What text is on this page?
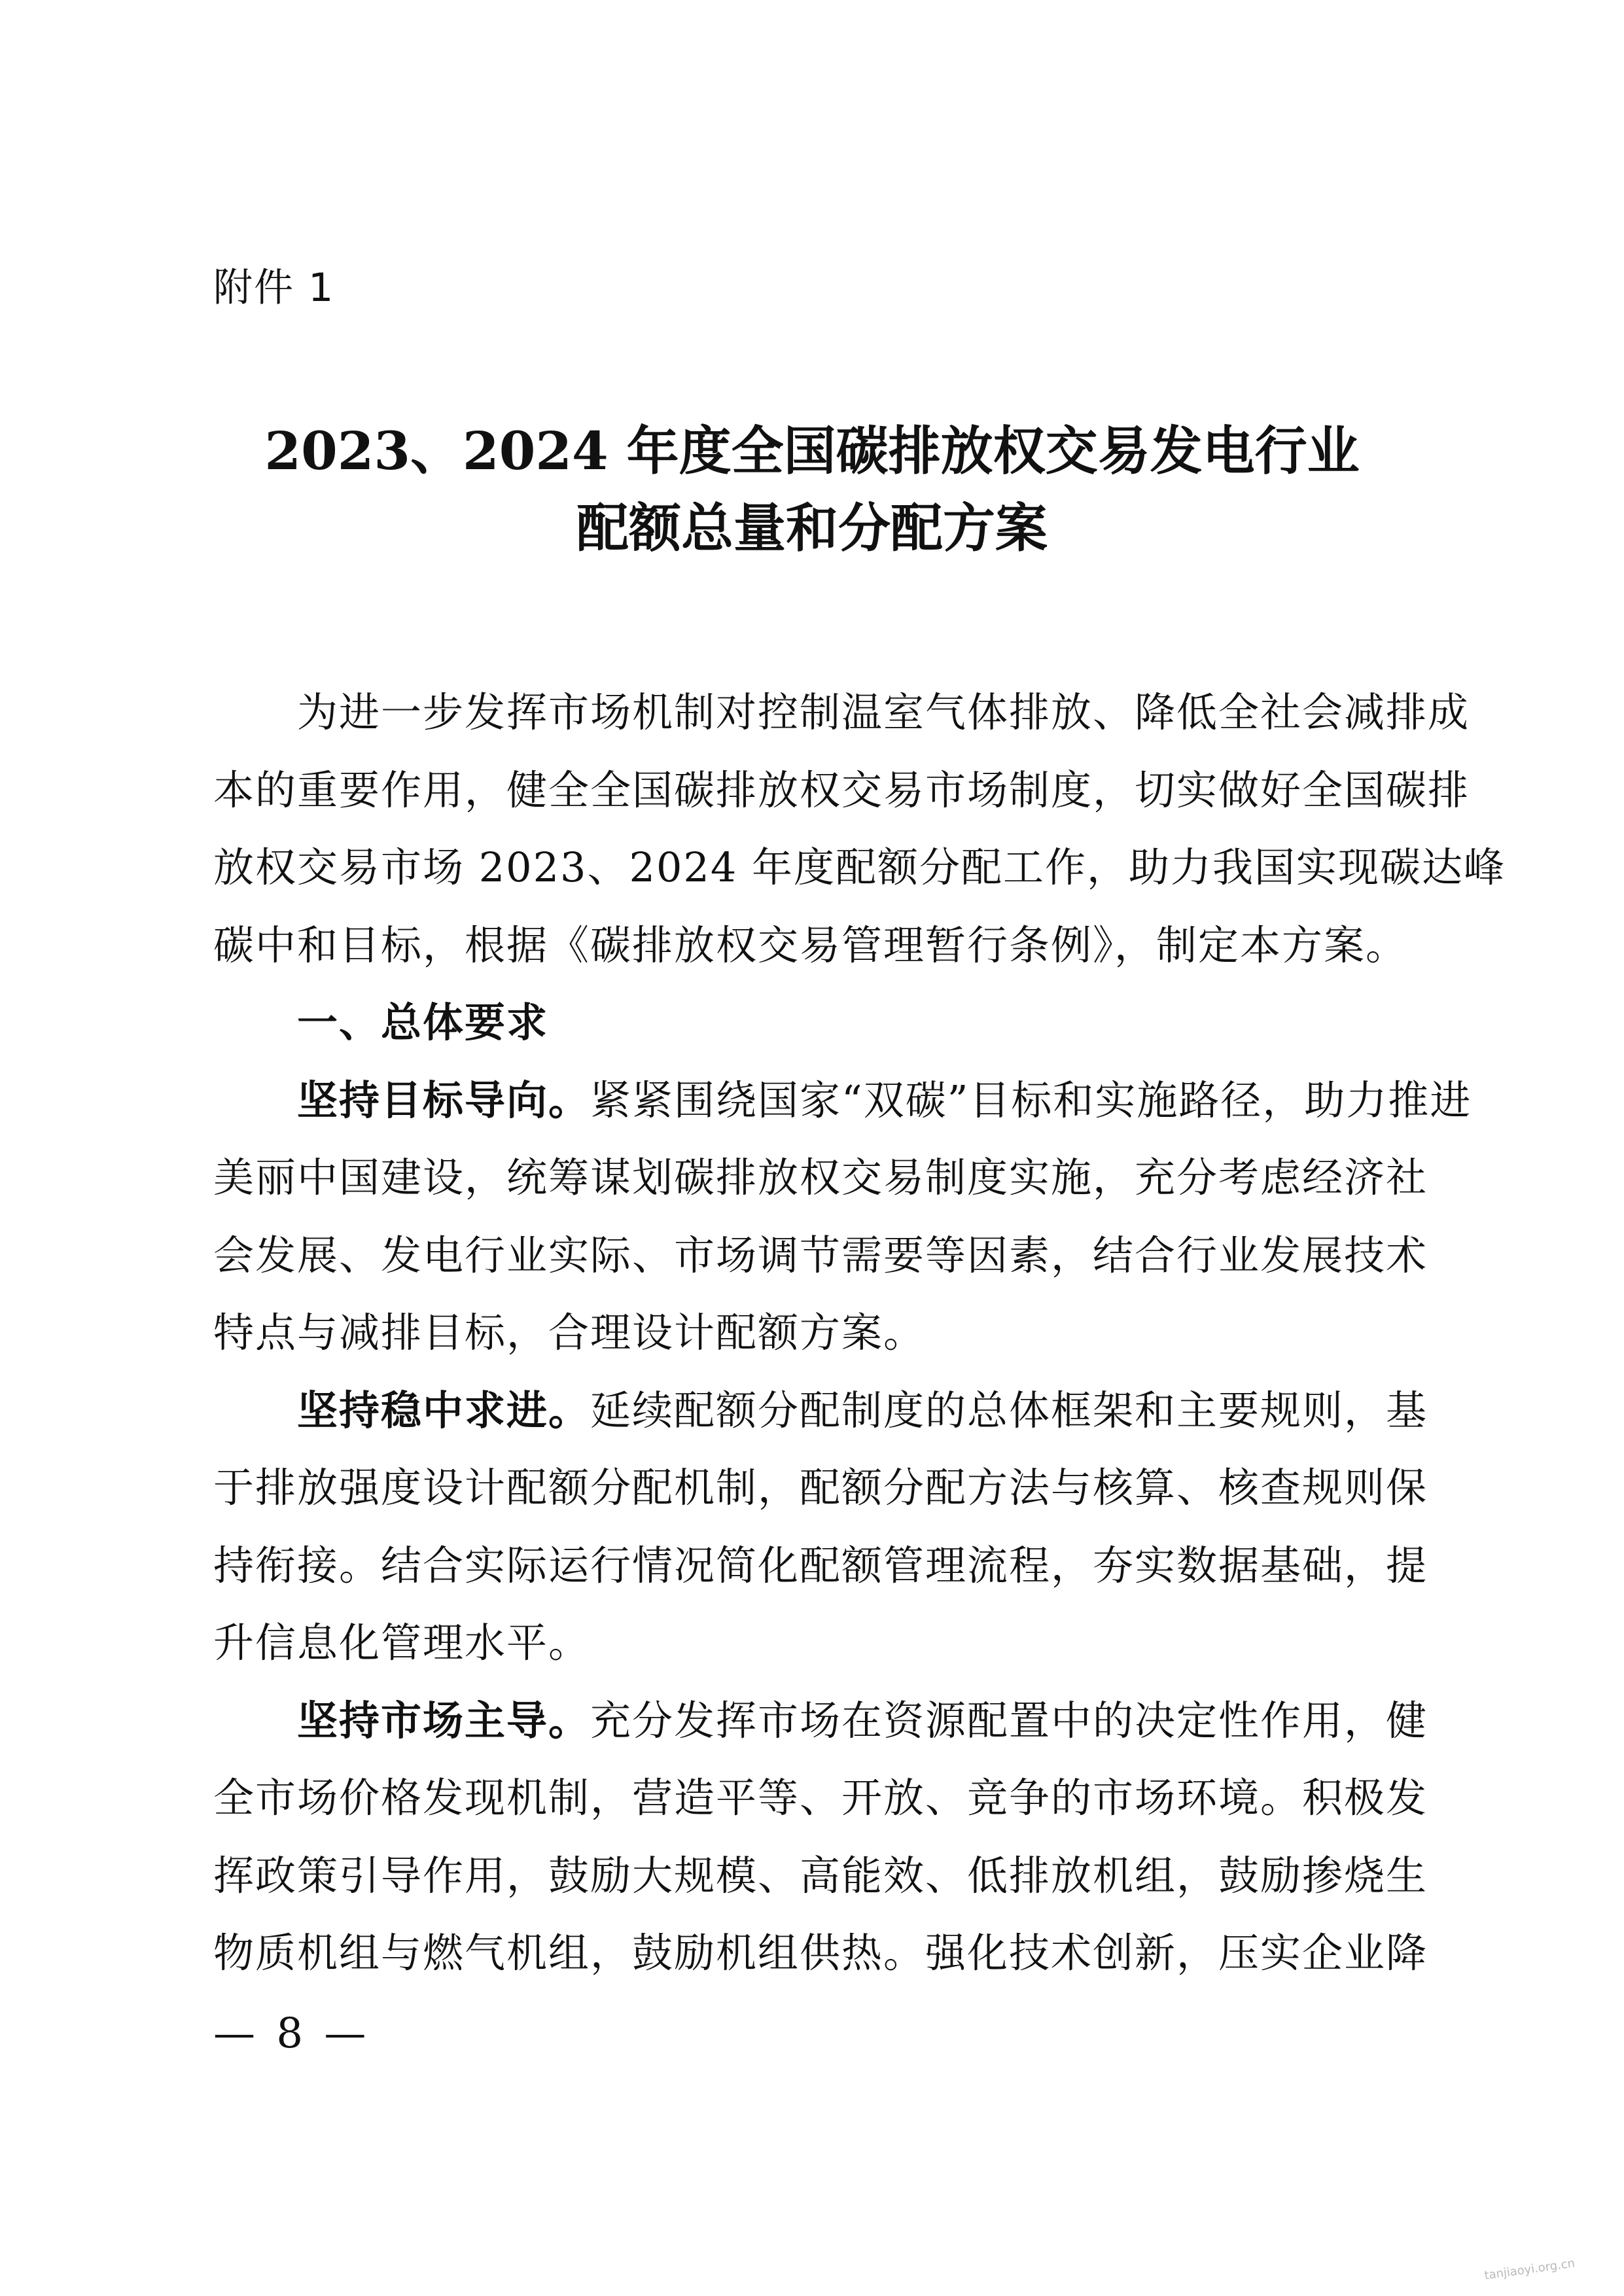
附件 1
2023、2024 年度全国碳排放权交易发电行业
配额总量和分配方案
为进一步发挥市场机制对控制温室气体排放、降低全社会减排成
本的重要作用，健全全国碳排放权交易市场制度，切实做好全国碳排
放权交易市场 2023、2024 年度配额分配工作，助力我国实现碳达峰
碳中和目标，根据《碳排放权交易管理暂行条例》，制定本方案。
一、总体要求
坚持目标导向。紧紧围绕国家“双碳”目标和实施路径，助力推进
美丽中国建设，统筹谋划碳排放权交易制度实施，充分考虑经济社
会发展、发电行业实际、市场调节需要等因素，结合行业发展技术
特点与减排目标，合理设计配额方案。
坚持稳中求进。延续配额分配制度的总体框架和主要规则，基
于排放强度设计配额分配机制，配额分配方法与核算、核查规则保
持衔接。结合实际运行情况简化配额管理流程，夯实数据基础，提
升信息化管理水平。
坚持市场主导。充分发挥市场在资源配置中的决定性作用，健
全市场价格发现机制，营造平等、开放、竞争的市场环境。积极发
挥政策引导作用，鼓励大规模、高能效、低排放机组，鼓励掺烧生
物质机组与燃气机组，鼓励机组供热。强化技术创新，压实企业降
— 8 —
tanjiaoyi.org.cn
